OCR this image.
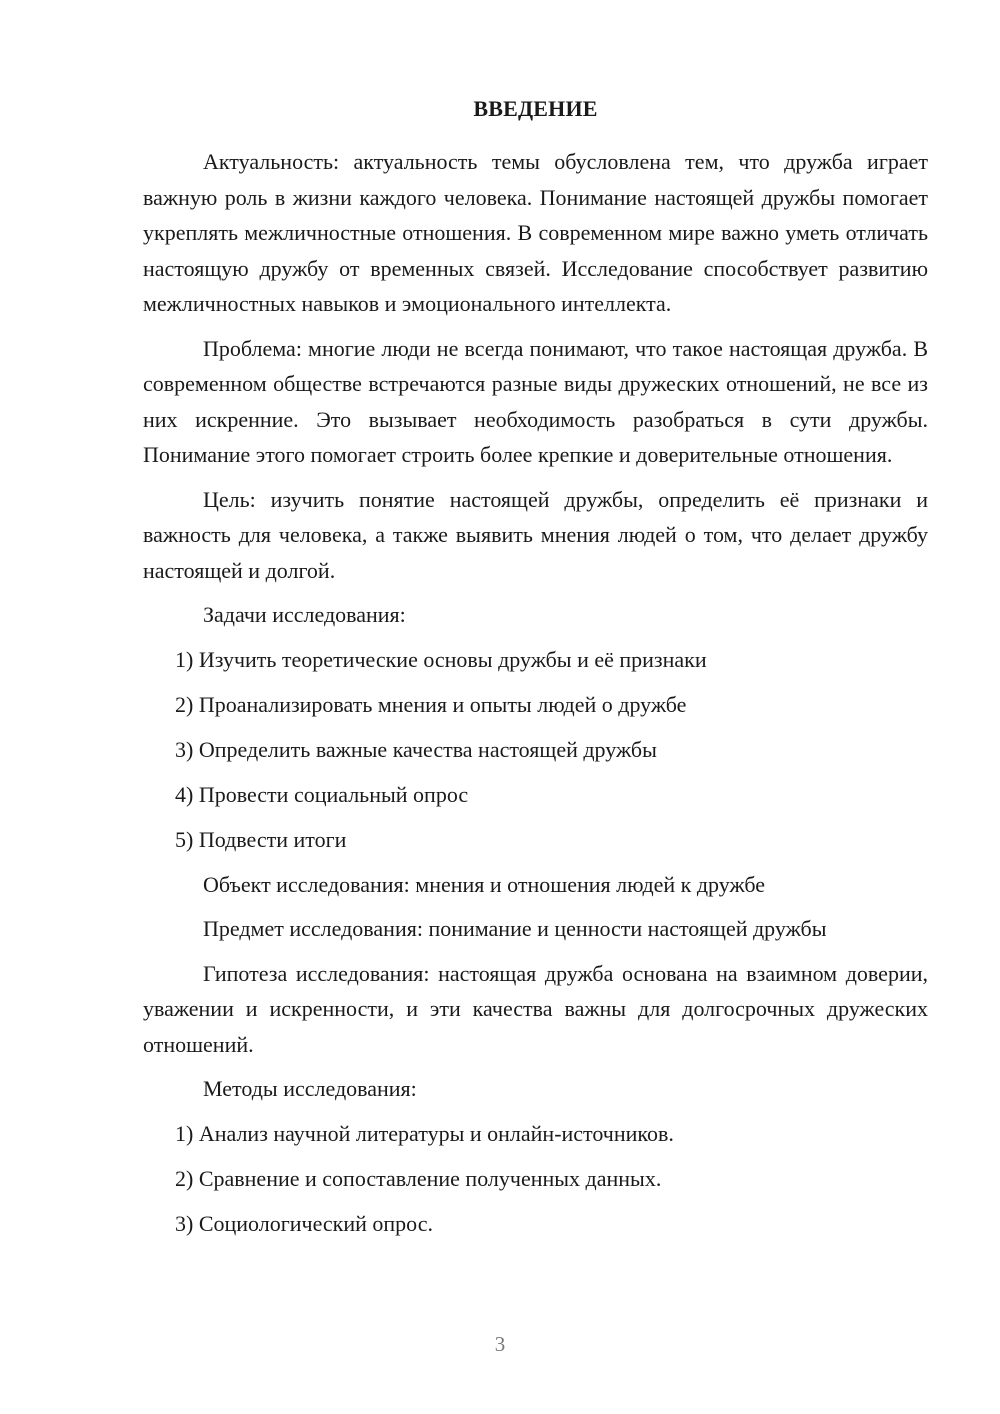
ВВЕДЕНИЕ

Актуальность: актуальность темы обусловлена тем, что дружба играет важную роль в жизни каждого человека. Понимание настоящей дружбы помогает укреплять межличностные отношения. В современном мире важно уметь отличать настоящую дружбу от временных связей. Исследование способствует развитию межличностных навыков и эмоционального интеллекта.

Проблема: многие люди не всегда понимают, что такое настоящая дружба. В современном обществе встречаются разные виды дружеских отношений, не все из них искренние. Это вызывает необходимость разобраться в сути дружбы. Понимание этого помогает строить более крепкие и доверительные отношения.

Цель: изучить понятие настоящей дружбы, определить её признаки и важность для человека, а также выявить мнения людей о том, что делает дружбу настоящей и долгой.

Задачи исследования:

1) Изучить теоретические основы дружбы и её признаки
2) Проанализировать мнения и опыты людей о дружбе
3) Определить важные качества настоящей дружбы
4) Провести социальный опрос
5) Подвести итоги

Объект исследования: мнения и отношения людей к дружбе

Предмет исследования: понимание и ценности настоящей дружбы

Гипотеза исследования: настоящая дружба основана на взаимном доверии, уважении и искренности, и эти качества важны для долгосрочных дружеских отношений.

Методы исследования:

1) Анализ научной литературы и онлайн-источников.
2) Сравнение и сопоставление полученных данных.
3) Социологический опрос.
3
